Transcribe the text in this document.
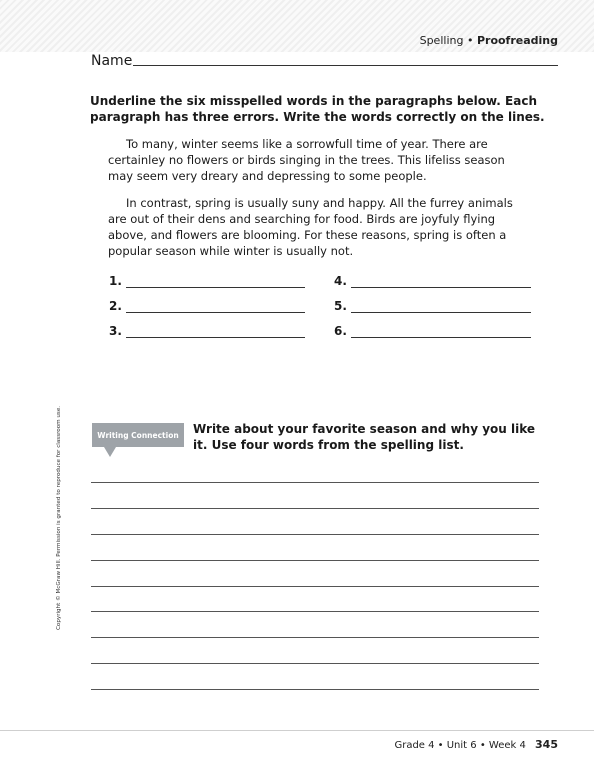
Spelling • Proofreading
Name
Underline the six misspelled words in the paragraphs below. Each paragraph has three errors. Write the words correctly on the lines.

To many, winter seems like a sorrowfull time of year. There are certainley no flowers or birds singing in the trees. This lifeliss season may seem very dreary and depressing to some people.

In contrast, spring is usually suny and happy. All the furrey animals are out of their dens and searching for food. Birds are joyfuly flying above, and flowers are blooming. For these reasons, spring is often a popular season while winter is usually not.

1.
2.
3.
4.
5.
6.
Copyright © McGraw Hill. Permission is granted to reproduce for classroom use.	Writing Connection	Write about your favorite season and why you like it. Use four words from the spelling list.
Grade 4 • Unit 6 • Week 4 345
